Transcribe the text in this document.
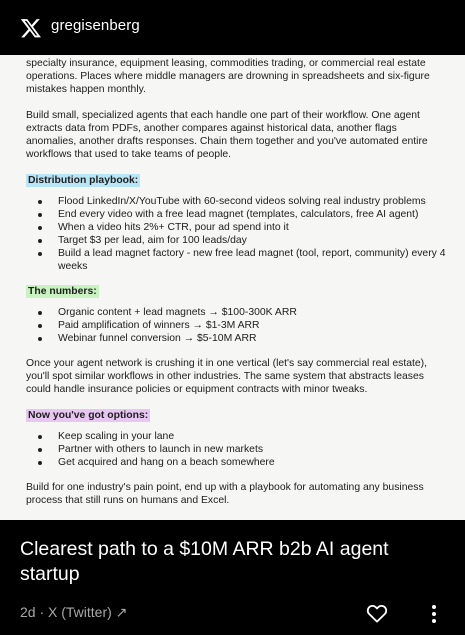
gregisenberg

specialty insurance, equipment leasing, commodities trading, or commercial real estate operations. Places where middle managers are drowning in spreadsheets and six-figure mistakes happen monthly.

Build small, specialized agents that each handle one part of their workflow. One agent extracts data from PDFs, another compares against historical data, another flags anomalies, another drafts responses. Chain them together and you've automated entire workflows that used to take teams of people.

Distribution playbook:
Flood LinkedIn/X/YouTube with 60-second videos solving real industry problems
End every video with a free lead magnet (templates, calculators, free AI agent)
When a video hits 2%+ CTR, pour ad spend into it
Target $3 per lead, aim for 100 leads/day
Build a lead magnet factory - new free lead magnet (tool, report, community) every 4 weeks
The numbers:
Organic content + lead magnets → $100-300K ARR
Paid amplification of winners → $1-3M ARR
Webinar funnel conversion → $5-10M ARR

Once your agent network is crushing it in one vertical (let's say commercial real estate), you'll spot similar workflows in other industries. The same system that abstracts leases could handle insurance policies or equipment contracts with minor tweaks.

Now you've got options:
Keep scaling in your lane
Partner with others to launch in new markets
Get acquired and hang on a beach somewhere

Build for one industry's pain point, end up with a playbook for automating any business process that still runs on humans and Excel.

Clearest path to a $10M ARR b2b AI agent startup
2d · X (Twitter) ↗
